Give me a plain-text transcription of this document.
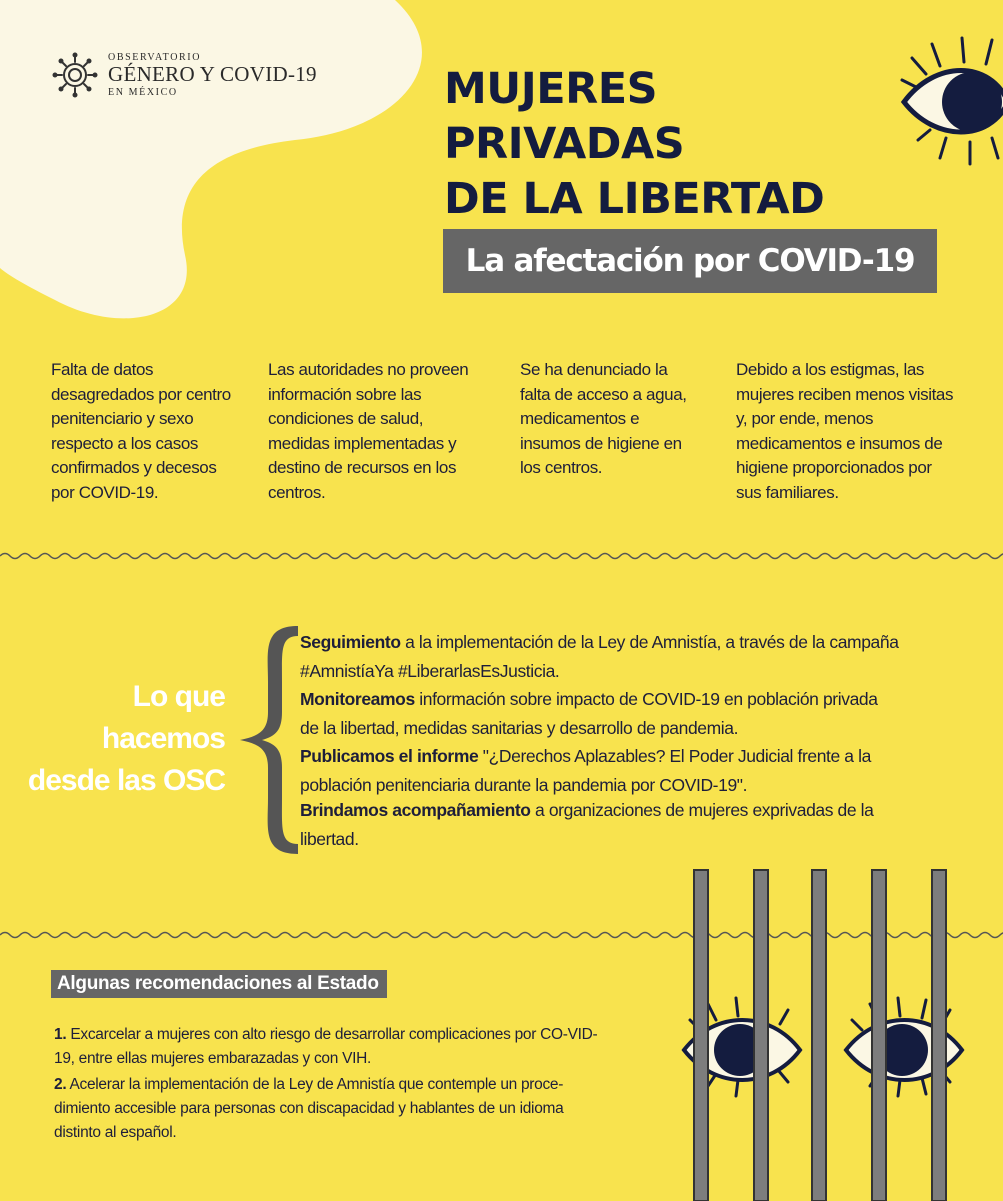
OBSERVATORIO
GÉNERO Y COVID-19
EN MÉXICO	MUJERES
PRIVADAS
DE LA LIBERTAD
La afectación por COVID-19
Falta de datos desagredados por centro penitenciario y sexo respecto a los casos confirmados y decesos por COVID-19.
Las autoridades no proveen información sobre las condiciones de salud, medidas implementadas y destino de recursos en los centros.
Se ha denunciado la falta de acceso a agua, medicamentos e insumos de higiene en los centros.
Debido a los estigmas, las mujeres reciben menos visitas y, por ende, menos medicamentos e insumos de higiene proporcionados por sus familiares.
Lo que
hacemos
desde las OSC
Seguimiento a la implementación de la Ley de Amnistía, a través de la campaña #AmnistíaYa #LiberarlasEsJusticia.
Monitoreamos información sobre impacto de COVID-19 en población privada de la libertad, medidas sanitarias y desarrollo de pandemia.
Publicamos el informe "¿Derechos Aplazables? El Poder Judicial frente a la población penitenciaria durante la pandemia por COVID-19".
Brindamos acompañamiento a organizaciones de mujeres exprivadas de la libertad.
Algunas recomendaciones al Estado
1. Excarcelar a mujeres con alto riesgo de desarrollar complicaciones por CO-VID-19, entre ellas mujeres embarazadas y con VIH.
2. Acelerar la implementación de la Ley de Amnistía que contemple un proce-dimiento accesible para personas con discapacidad y hablantes de un idioma distinto al español.
